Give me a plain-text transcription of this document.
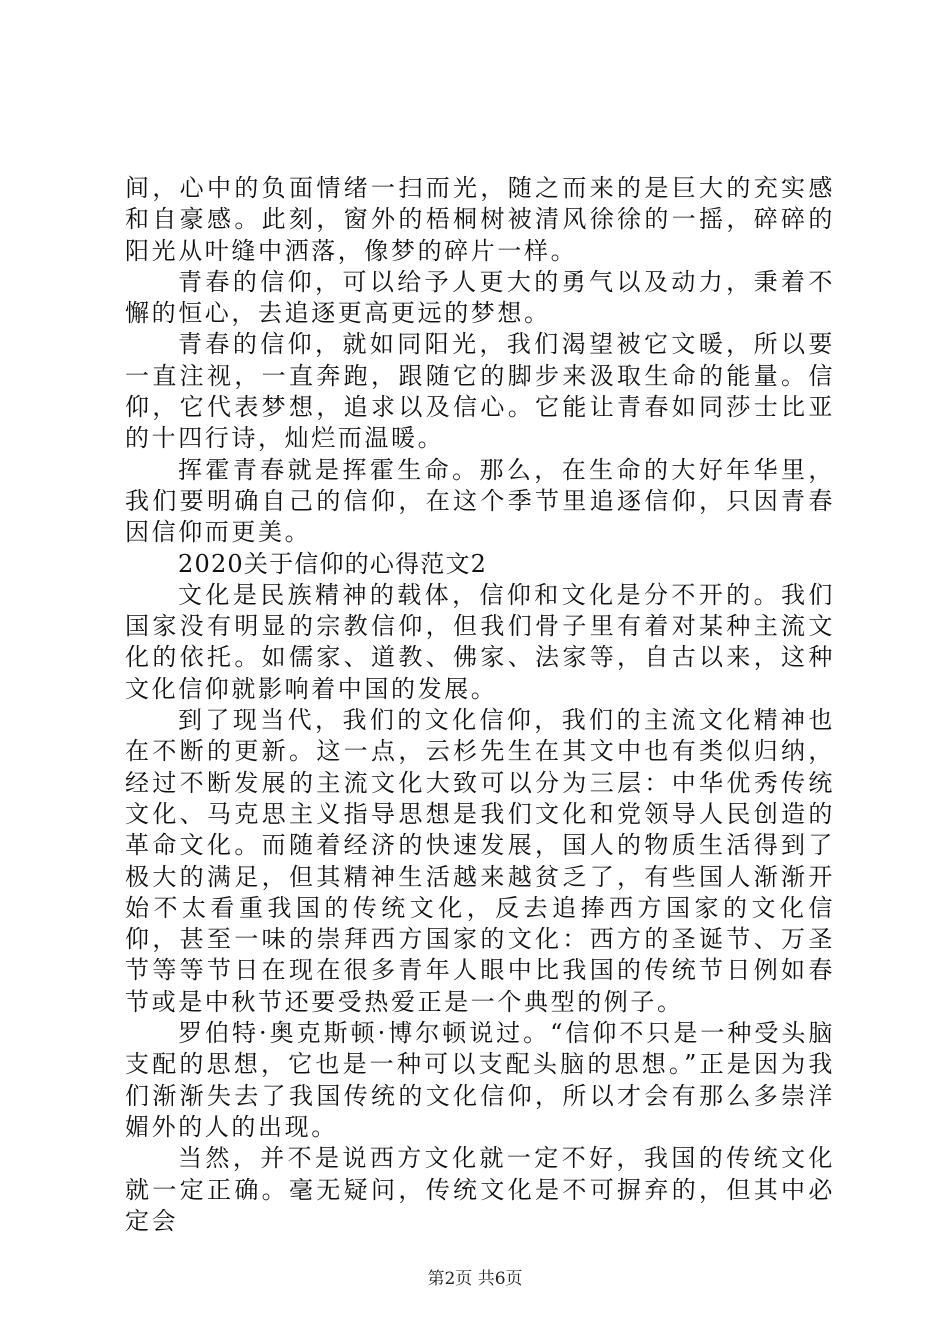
间，心中的负面情绪一扫而光，随之而来的是巨大的充实感和自豪感。此刻，窗外的梧桐树被清风徐徐的一摇，碎碎的阳光从叶缝中洒落，像梦的碎片一样。

青春的信仰，可以给予人更大的勇气以及动力，秉着不懈的恒心，去追逐更高更远的梦想。

青春的信仰，就如同阳光，我们渴望被它文暖，所以要一直注视，一直奔跑，跟随它的脚步来汲取生命的能量。信仰，它代表梦想，追求以及信心。它能让青春如同莎士比亚的十四行诗，灿烂而温暖。

挥霍青春就是挥霍生命。那么，在生命的大好年华里，我们要明确自己的信仰，在这个季节里追逐信仰，只因青春因信仰而更美。

2020关于信仰的心得范文2

文化是民族精神的载体，信仰和文化是分不开的。我们国家没有明显的宗教信仰，但我们骨子里有着对某种主流文化的依托。如儒家、道教、佛家、法家等，自古以来，这种文化信仰就影响着中国的发展。

到了现当代，我们的文化信仰，我们的主流文化精神也在不断的更新。这一点，云杉先生在其文中也有类似归纳，经过不断发展的主流文化大致可以分为三层：中华优秀传统文化、马克思主义指导思想是我们文化和党领导人民创造的革命文化。而随着经济的快速发展，国人的物质生活得到了极大的满足，但其精神生活越来越贫乏了，有些国人渐渐开始不太看重我国的传统文化，反去追捧西方国家的文化信仰，甚至一味的崇拜西方国家的文化：西方的圣诞节、万圣节等等节日在现在很多青年人眼中比我国的传统节日例如春节或是中秋节还要受热爱正是一个典型的例子。

罗伯特·奥克斯顿·博尔顿说过。“信仰不只是一种受头脑支配的思想，它也是一种可以支配头脑的思想。”正是因为我们渐渐失去了我国传统的文化信仰，所以才会有那么多崇洋媚外的人的出现。

当然，并不是说西方文化就一定不好，我国的传统文化就一定正确。毫无疑问，传统文化是不可摒弃的，但其中必定会

第2页 共6页
